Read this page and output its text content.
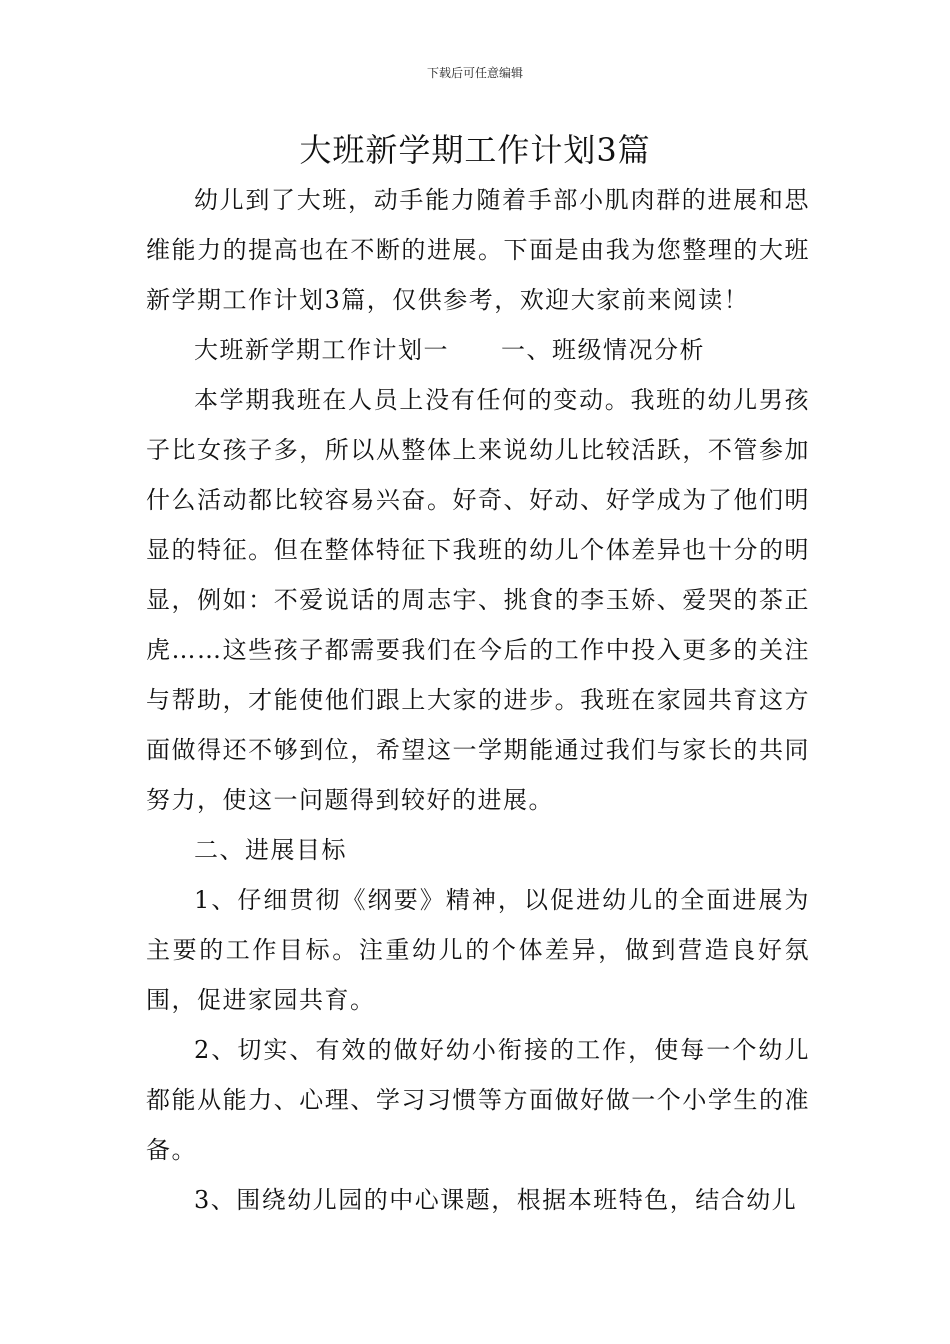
下载后可任意编辑
大班新学期工作计划3篇

幼儿到了大班，动手能力随着手部小肌肉群的进展和思维能力的提高也在不断的进展。下面是由我为您整理的大班新学期工作计划3篇，仅供参考，欢迎大家前来阅读！

大班新学期工作计划一 一、班级情况分析

本学期我班在人员上没有任何的变动。我班的幼儿男孩子比女孩子多，所以从整体上来说幼儿比较活跃，不管参加什么活动都比较容易兴奋。好奇、好动、好学成为了他们明显的特征。但在整体特征下我班的幼儿个体差异也十分的明显，例如：不爱说话的周志宇、挑食的李玉娇、爱哭的茶正虎……这些孩子都需要我们在今后的工作中投入更多的关注与帮助，才能使他们跟上大家的进步。我班在家园共育这方面做得还不够到位，希望这一学期能通过我们与家长的共同努力，使这一问题得到较好的进展。

二、进展目标

1、仔细贯彻《纲要》精神，以促进幼儿的全面进展为主要的工作目标。注重幼儿的个体差异，做到营造良好氛围，促进家园共育。

2、切实、有效的做好幼小衔接的工作，使每一个幼儿都能从能力、心理、学习习惯等方面做好做一个小学生的准备。

3、围绕幼儿园的中心课题，根据本班特色，结合幼儿
